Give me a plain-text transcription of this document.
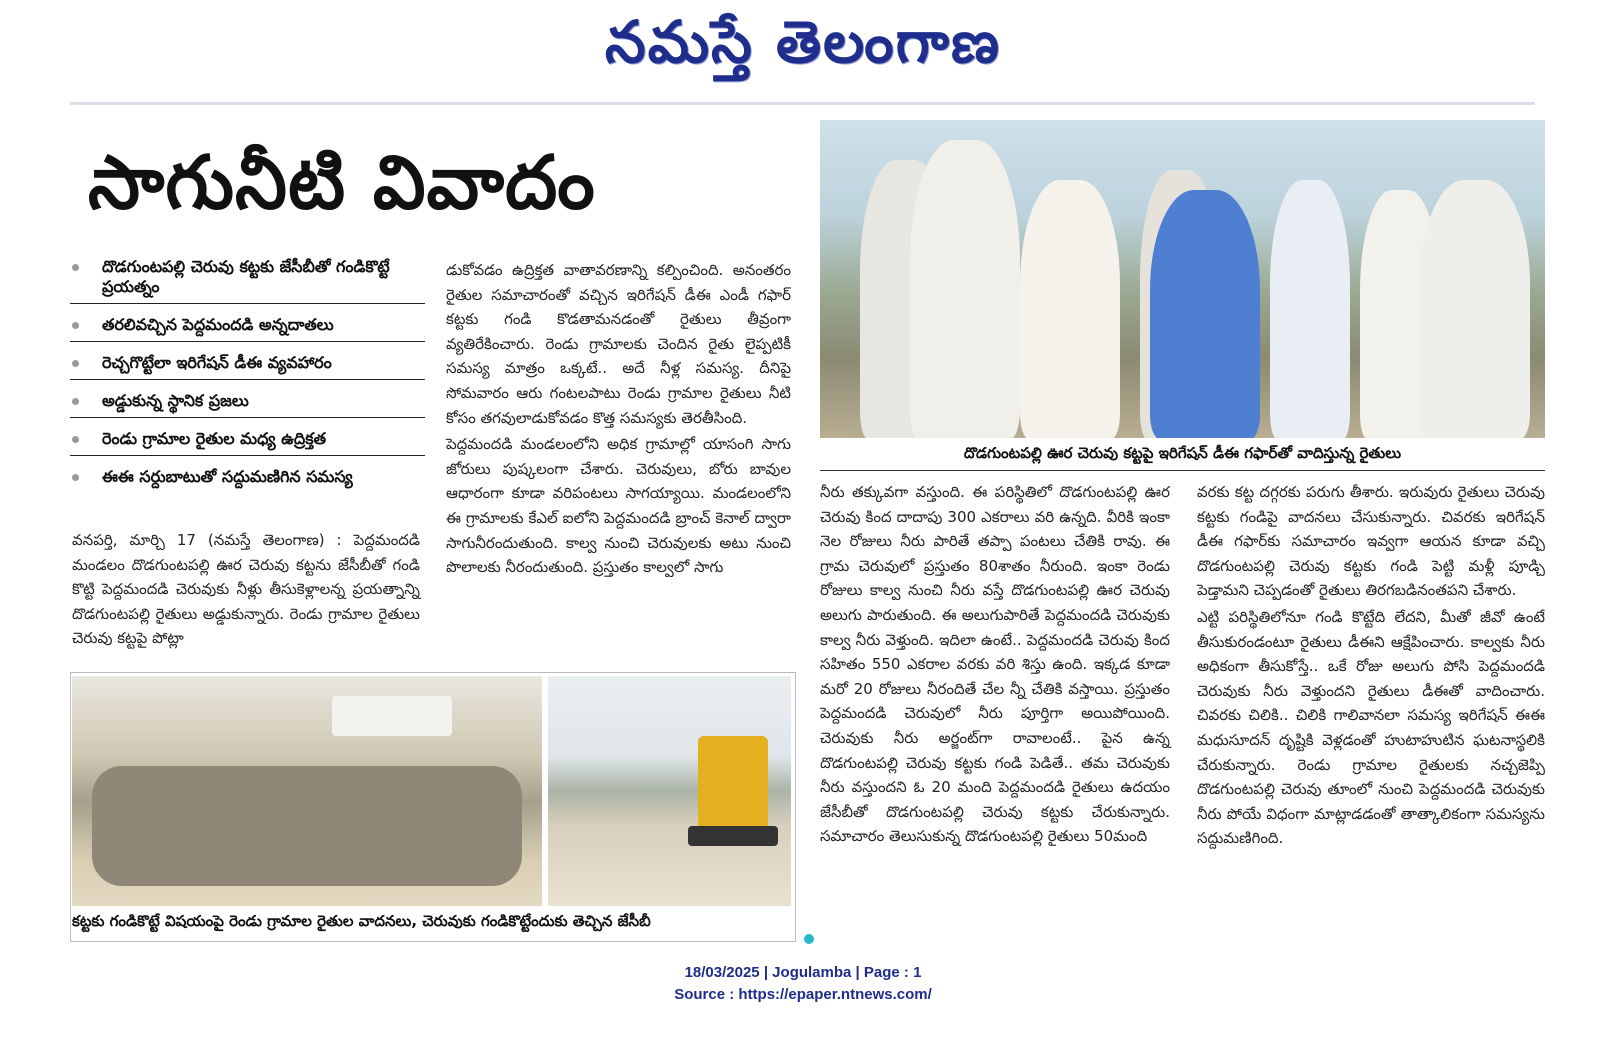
నమస్తే తెలంగాణ
సాగునీటి వివాదం
దొడగుంటపల్లి చెరువు కట్టకు జేసీబీతో గండికొట్టే ప్రయత్నం
తరలివచ్చిన పెద్దమందడి అన్నదాతలు
రెచ్చగొట్టేలా ఇరిగేషన్ డీఈ వ్యవహారం
అడ్డుకున్న స్థానిక ప్రజలు
రెండు గ్రామాల రైతుల మధ్య ఉద్రిక్తత
ఈఈ సర్దుబాటుతో సద్దుమణిగిన సమస్య

వనపర్తి, మార్చి 17 (నమస్తే తెలంగాణ) : పెద్దమందడి మండలం దొడగుంటపల్లి ఊర చెరువు కట్టను జేసీబీతో గండి కొట్టి పెద్దమందడి చెరువుకు నీళ్లు తీసుకెళ్లాలన్న ప్రయత్నాన్ని దొడగుంటపల్లి రైతులు అడ్డుకున్నారు. రెండు గ్రామాల రైతులు చెరువు కట్టపై పోట్లా

డుకోవడం ఉద్రిక్తత వాతావరణాన్ని కల్పించింది. అనంతరం రైతుల సమాచారంతో వచ్చిన ఇరిగేషన్ డీఈ ఎండీ గఫార్ కట్టకు గండి కొడతామనడంతో రైతులు తీవ్రంగా వ్యతిరేకించారు. రెండు గ్రామాలకు చెందిన రైతు లైప్పటికీ సమస్య మాత్రం ఒక్కటే.. అదే నీళ్ల సమస్య. దీనిపై సోమవారం ఆరు గంటలపాటు రెండు గ్రామాల రైతులు నీటి కోసం తగవులాడుకోవడం కొత్త సమస్యకు తెరతీసింది.

పెద్దమందడి మండలంలోని అధిక గ్రామాల్లో యాసంగి సాగు జోరులు పుష్కలంగా చేశారు. చెరువులు, బోరు బావుల ఆధారంగా కూడా వరిపంటలు సాగయ్యాయి. మండలంలోని ఈ గ్రామాలకు కేఎల్ ఐలోని పెద్దమందడి బ్రాంచ్ కెనాల్ ద్వారా సాగునీరందుతుంది. కాల్వ నుంచి చెరువులకు అటు నుంచి పొలాలకు నీరందుతుంది. ప్రస్తుతం కాల్వలో సాగు

దొడగుంటపల్లి ఊర చెరువు కట్టపై ఇరిగేషన్ డీఈ గఫార్‌తో వాదిస్తున్న రైతులు
కట్టకు గండికొట్టే విషయంపై రెండు గ్రామాల రైతుల వాదనలు, చెరువుకు గండికొట్టేందుకు తెచ్చిన జేసీబీ

నీరు తక్కువగా వస్తుంది. ఈ పరిస్థితిలో దొడగుంటపల్లి ఊర చెరువు కింద దాదాపు 300 ఎకరాలు వరి ఉన్నది. వీరికి ఇంకా నెల రోజులు నీరు పారితే తప్పా పంటలు చేతికి రావు. ఈ గ్రామ చెరువులో ప్రస్తుతం 80శాతం నీరుంది. ఇంకా రెండు రోజులు కాల్వ నుంచి నీరు వస్తే దొడగుంటపల్లి ఊర చెరువు అలుగు పారుతుంది. ఈ అలుగుపారితే పెద్దమందడి చెరువుకు కాల్వ నీరు వెళ్తుంది. ఇదిలా ఉంటే.. పెద్దమందడి చెరువు కింద సహితం 550 ఎకరాల వరకు వరి శిస్తు ఉంది. ఇక్కడ కూడా మరో 20 రోజులు నీరందితే చేల న్నీ చేతికి వస్తాయి. ప్రస్తుతం పెద్దమందడి చెరువులో నీరు పూర్తిగా అయిపోయింది. చెరువుకు నీరు అర్జంట్‌గా రావాలంటే.. పైన ఉన్న దొడగుంటపల్లి చెరువు కట్టకు గండి పెడితే.. తమ చెరువుకు నీరు వస్తుందని ఓ 20 మంది పెద్దమందడి రైతులు ఉదయం జేసీబీతో దొడగుంటపల్లి చెరువు కట్టకు చేరుకున్నారు. సమాచారం తెలుసుకున్న దొడగుంటపల్లి రైతులు 50మంది

వరకు కట్ట దగ్గరకు పరుగు తీశారు. ఇరువురు రైతులు చెరువు కట్టకు గండిపై వాదనలు చేసుకున్నారు. చివరకు ఇరిగేషన్ డీఈ గఫార్‌కు సమాచారం ఇవ్వగా ఆయన కూడా వచ్చి దొడగుంటపల్లి చెరువు కట్టకు గండి పెట్టి మళ్లీ పూడ్చి పెడ్తామని చెప్పడంతో రైతులు తిరగబడినంతపని చేశారు.

ఎట్టి పరిస్థితిలోనూ గండి కొట్టేది లేదని, మీతో జీవో ఉంటే తీసుకురండంటూ రైతులు డీఈని ఆక్షేపించారు. కాల్వకు నీరు అధికంగా తీసుకోస్తే.. ఒకే రోజు అలుగు పోసి పెద్దమందడి చెరువుకు నీరు వెళ్తుందని రైతులు డీఈతో వాదించారు. చివరకు చిలికి.. చిలికి గాలివానలా సమస్య ఇరిగేషన్ ఈఈ మధుసూదన్ దృష్టికి వెళ్లడంతో హుటాహుటిన ఘటనాస్థలికి చేరుకున్నారు. రెండు గ్రామాల రైతులకు నచ్చజెప్పి దొడగుంటపల్లి చెరువు తూంలో నుంచి పెద్దమందడి చెరువుకు నీరు పోయే విధంగా మాట్లాడడంతో తాత్కాలికంగా సమస్యను సద్దుమణిగింది.

18/03/2025 | Jogulamba | Page : 1
Source : https://epaper.ntnews.com/
